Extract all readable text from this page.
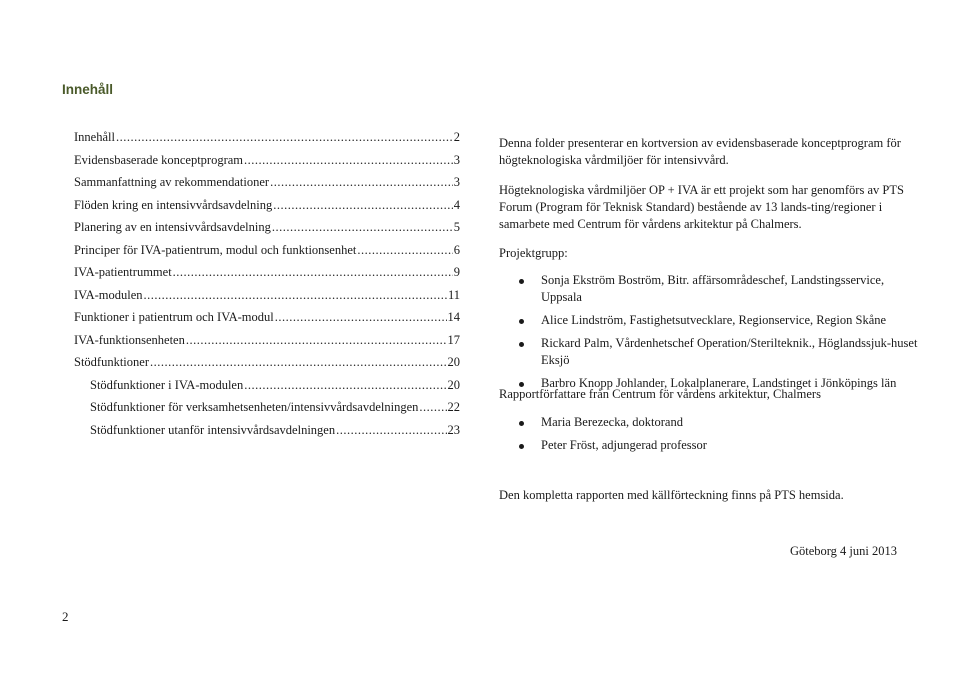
Innehåll
Innehåll .....	2
Evidensbaserade konceptprogram .....	3
Sammanfattning av rekommendationer .....	3
Flöden kring en intensivvårdsavdelning .....	4
Planering av en intensivvårdsavdelning .....	5
Principer för IVA-patientrum, modul och funktionsenhet .....	6
IVA-patientrummet .....	9
IVA-modulen .....	11
Funktioner i patientrum och IVA-modul .....	14
IVA-funktionsenheten .....	17
Stödfunktioner .....	20
Stödfunktioner i IVA-modulen .....	20
Stödfunktioner för verksamhetsenheten/intensivvårdsavdelningen ..... 22
Stödfunktioner utanför intensivvårdsavdelningen .....	23

Denna folder presenterar en kortversion av evidensbaserade konceptprogram för högteknologiska vårdmiljöer för intensivvård.

Högteknologiska vårdmiljöer OP + IVA är ett projekt som har genomförs av PTS Forum (Program för Teknisk Standard) bestående av 13 lands-ting/regioner i samarbete med Centrum för vårdens arkitektur på Chalmers.

Projektgrupp:

Sonja Ekström Boström, Bitr. affärsområdeschef, Landstingsservice, Uppsala
Alice Lindström, Fastighetsutvecklare, Regionservice, Region Skåne
Rickard Palm, Vårdenhetschef Operation/Sterilteknik., Höglandssjuk-huset Eksjö
Barbro Knopp Johlander, Lokalplanerare, Landstinget i Jönköpings län

Rapportförfattare från Centrum för vårdens arkitektur, Chalmers

Maria Berezecka, doktorand
Peter Fröst, adjungerad professor

Den kompletta rapporten med källförteckning finns på PTS hemsida.

Göteborg 4 juni 2013

2
